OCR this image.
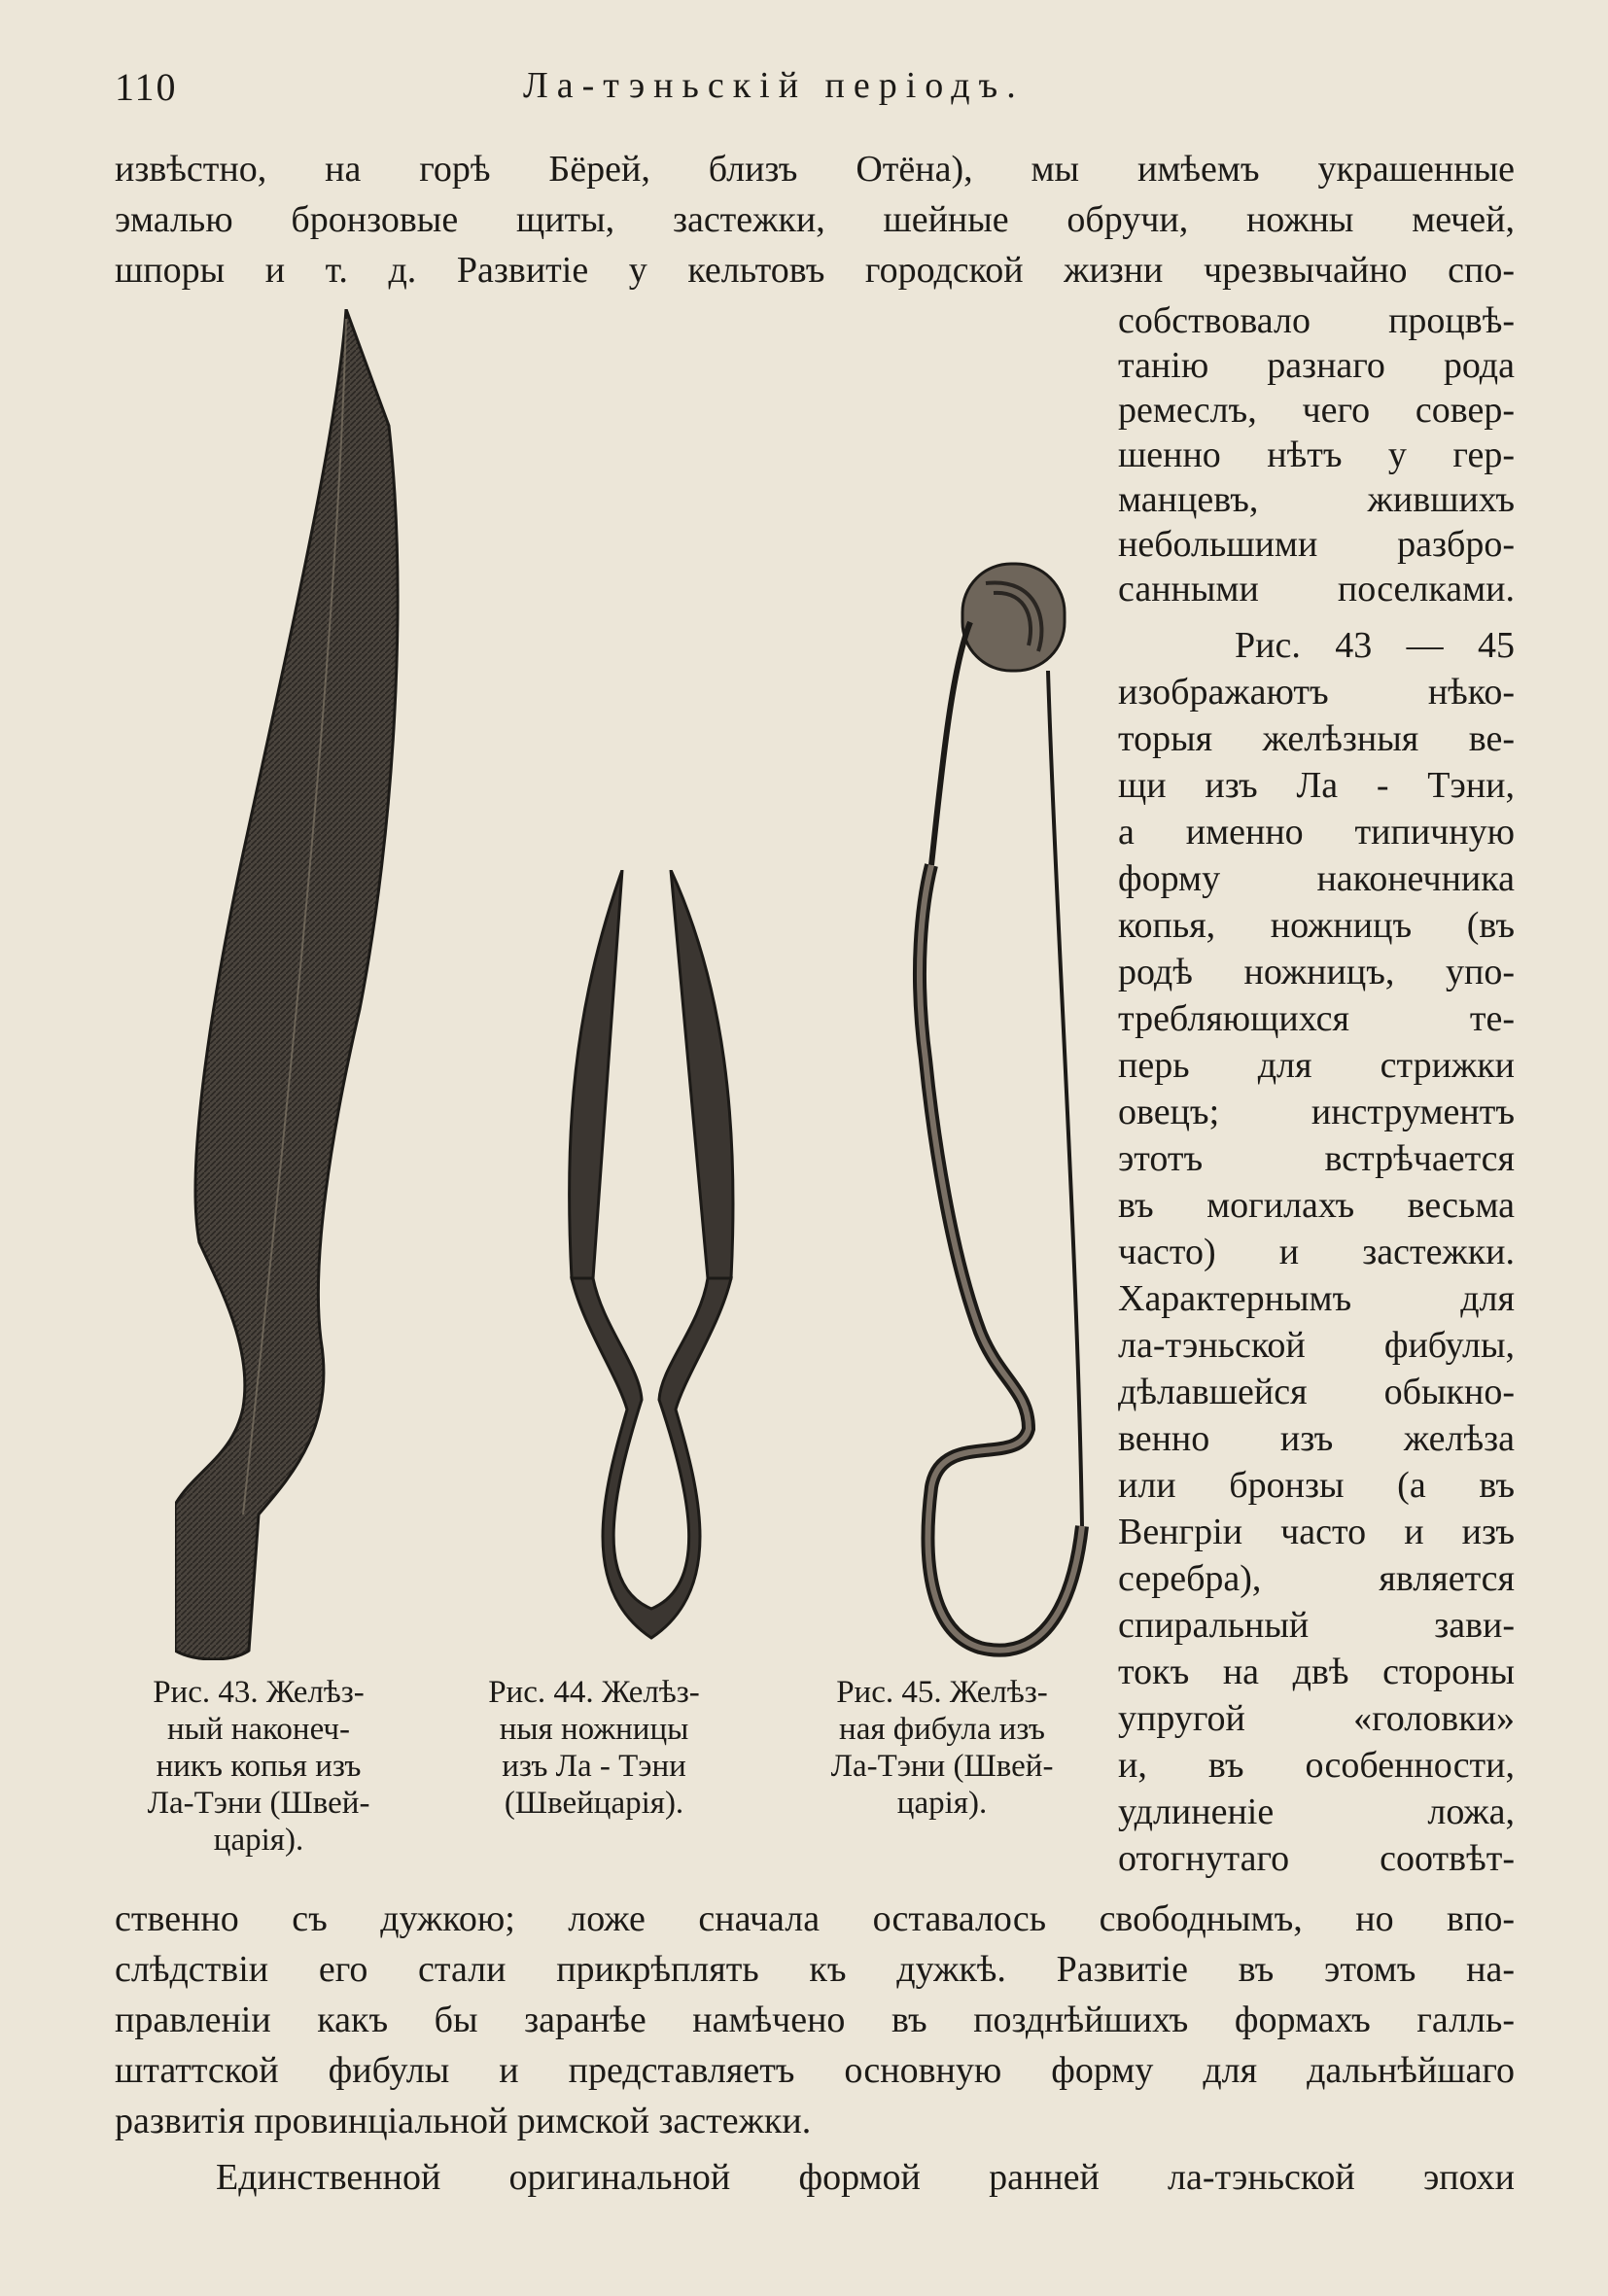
110	Ла-тэньскій періодъ.
извѣстно, на горѣ Бёрей, близъ Отёна), мы имѣемъ украшенные
эмалью бронзовые щиты, застежки, шейные обручи, ножны мечей,
шпоры и т. д. Развитіе у кельтовъ городской жизни чрезвычайно спо-
собствовало процвѣ-
танію разнаго рода
ремеслъ, чего совер-
шенно нѣтъ у гер-
манцевъ, жившихъ
небольшими разбро-
санными поселками.
Рис. 43 — 45
изображаютъ нѣко-
торыя желѣзныя ве-
щи изъ Ла - Тэни,
а именно типичную
форму наконечника
копья, ножницъ (въ
родѣ ножницъ, упо-
требляющихся те-
перь для стрижки
овецъ; инструментъ
этотъ встрѣчается
въ могилахъ весьма
часто) и застежки.
Характернымъ для
ла-тэньской фибулы,
дѣлавшейся обыкно-
венно изъ желѣза
или бронзы (а въ
Венгріи часто и изъ
серебра), является
спиральный зави-
токъ на двѣ стороны
упругой «головки»
и, въ особенности,
удлиненіе ложа,
отогнутаго соотвѣт-
ственно съ дужкою; ложе сначала оставалось свободнымъ, но впо-
слѣдствіи его стали прикрѣплять къ дужкѣ. Развитіе въ этомъ на-
правленіи какъ бы заранѣе намѣчено въ позднѣйшихъ формахъ галль-
штаттской фибулы и представляетъ основную форму для дальнѣйшаго
развитія провинціальной римской застежки.
Единственной оригинальной формой ранней ла-тэньской эпохи
Рис. 43. Желѣз-
ный наконеч-
никъ копья изъ
Ла-Тэни (Швей-
царія).
Рис. 44. Желѣз-
ныя ножницы
изъ Ла - Тэни
(Швейцарія).
Рис. 45. Желѣз-
ная фибула изъ
Ла-Тэни (Швей-
царія).
